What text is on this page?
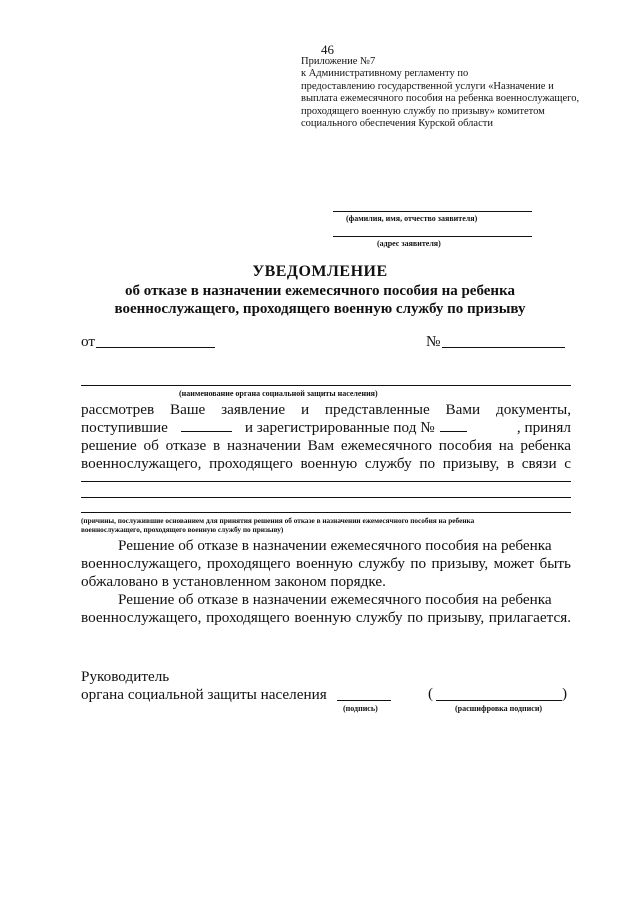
46
Приложение №7
к Административному регламенту по
предоставлению государственной услуги «Назначение и
выплата ежемесячного пособия на ребенка военнослужащего,
проходящего военную службу по призыву» комитетом
социального обеспечения Курской области
(фамилия, имя, отчество заявителя)
(адрес заявителя)
УВЕДОМЛЕНИЕ
об отказе в назначении ежемесячного пособия на ребенка
военнослужащего, проходящего военную службу по призыву
от	№
(наименование органа социальной защиты населения)
рассмотрев Ваше заявление и представленные Вами документы,
поступившие	и зарегистрированные под №	, принял
решение об отказе в назначении Вам ежемесячного пособия на ребенка
военнослужащего, проходящего военную службу по призыву, в связи с
(причины, послужившие основанием для принятия решения об отказе в назначении ежемесячного пособия на ребенка
военнослужащего, проходящего военную службу по призыву)
Решение об отказе в назначении ежемесячного пособия на ребенка
военнослужащего, проходящего военную службу по призыву, может быть
обжаловано в установленном законом порядке.
Решение об отказе в назначении ежемесячного пособия на ребенка
военнослужащего, проходящего военную службу по призыву, прилагается.
Руководитель
органа социальной защиты населения	(	)
(подпись)	(расшифровка подписи)
